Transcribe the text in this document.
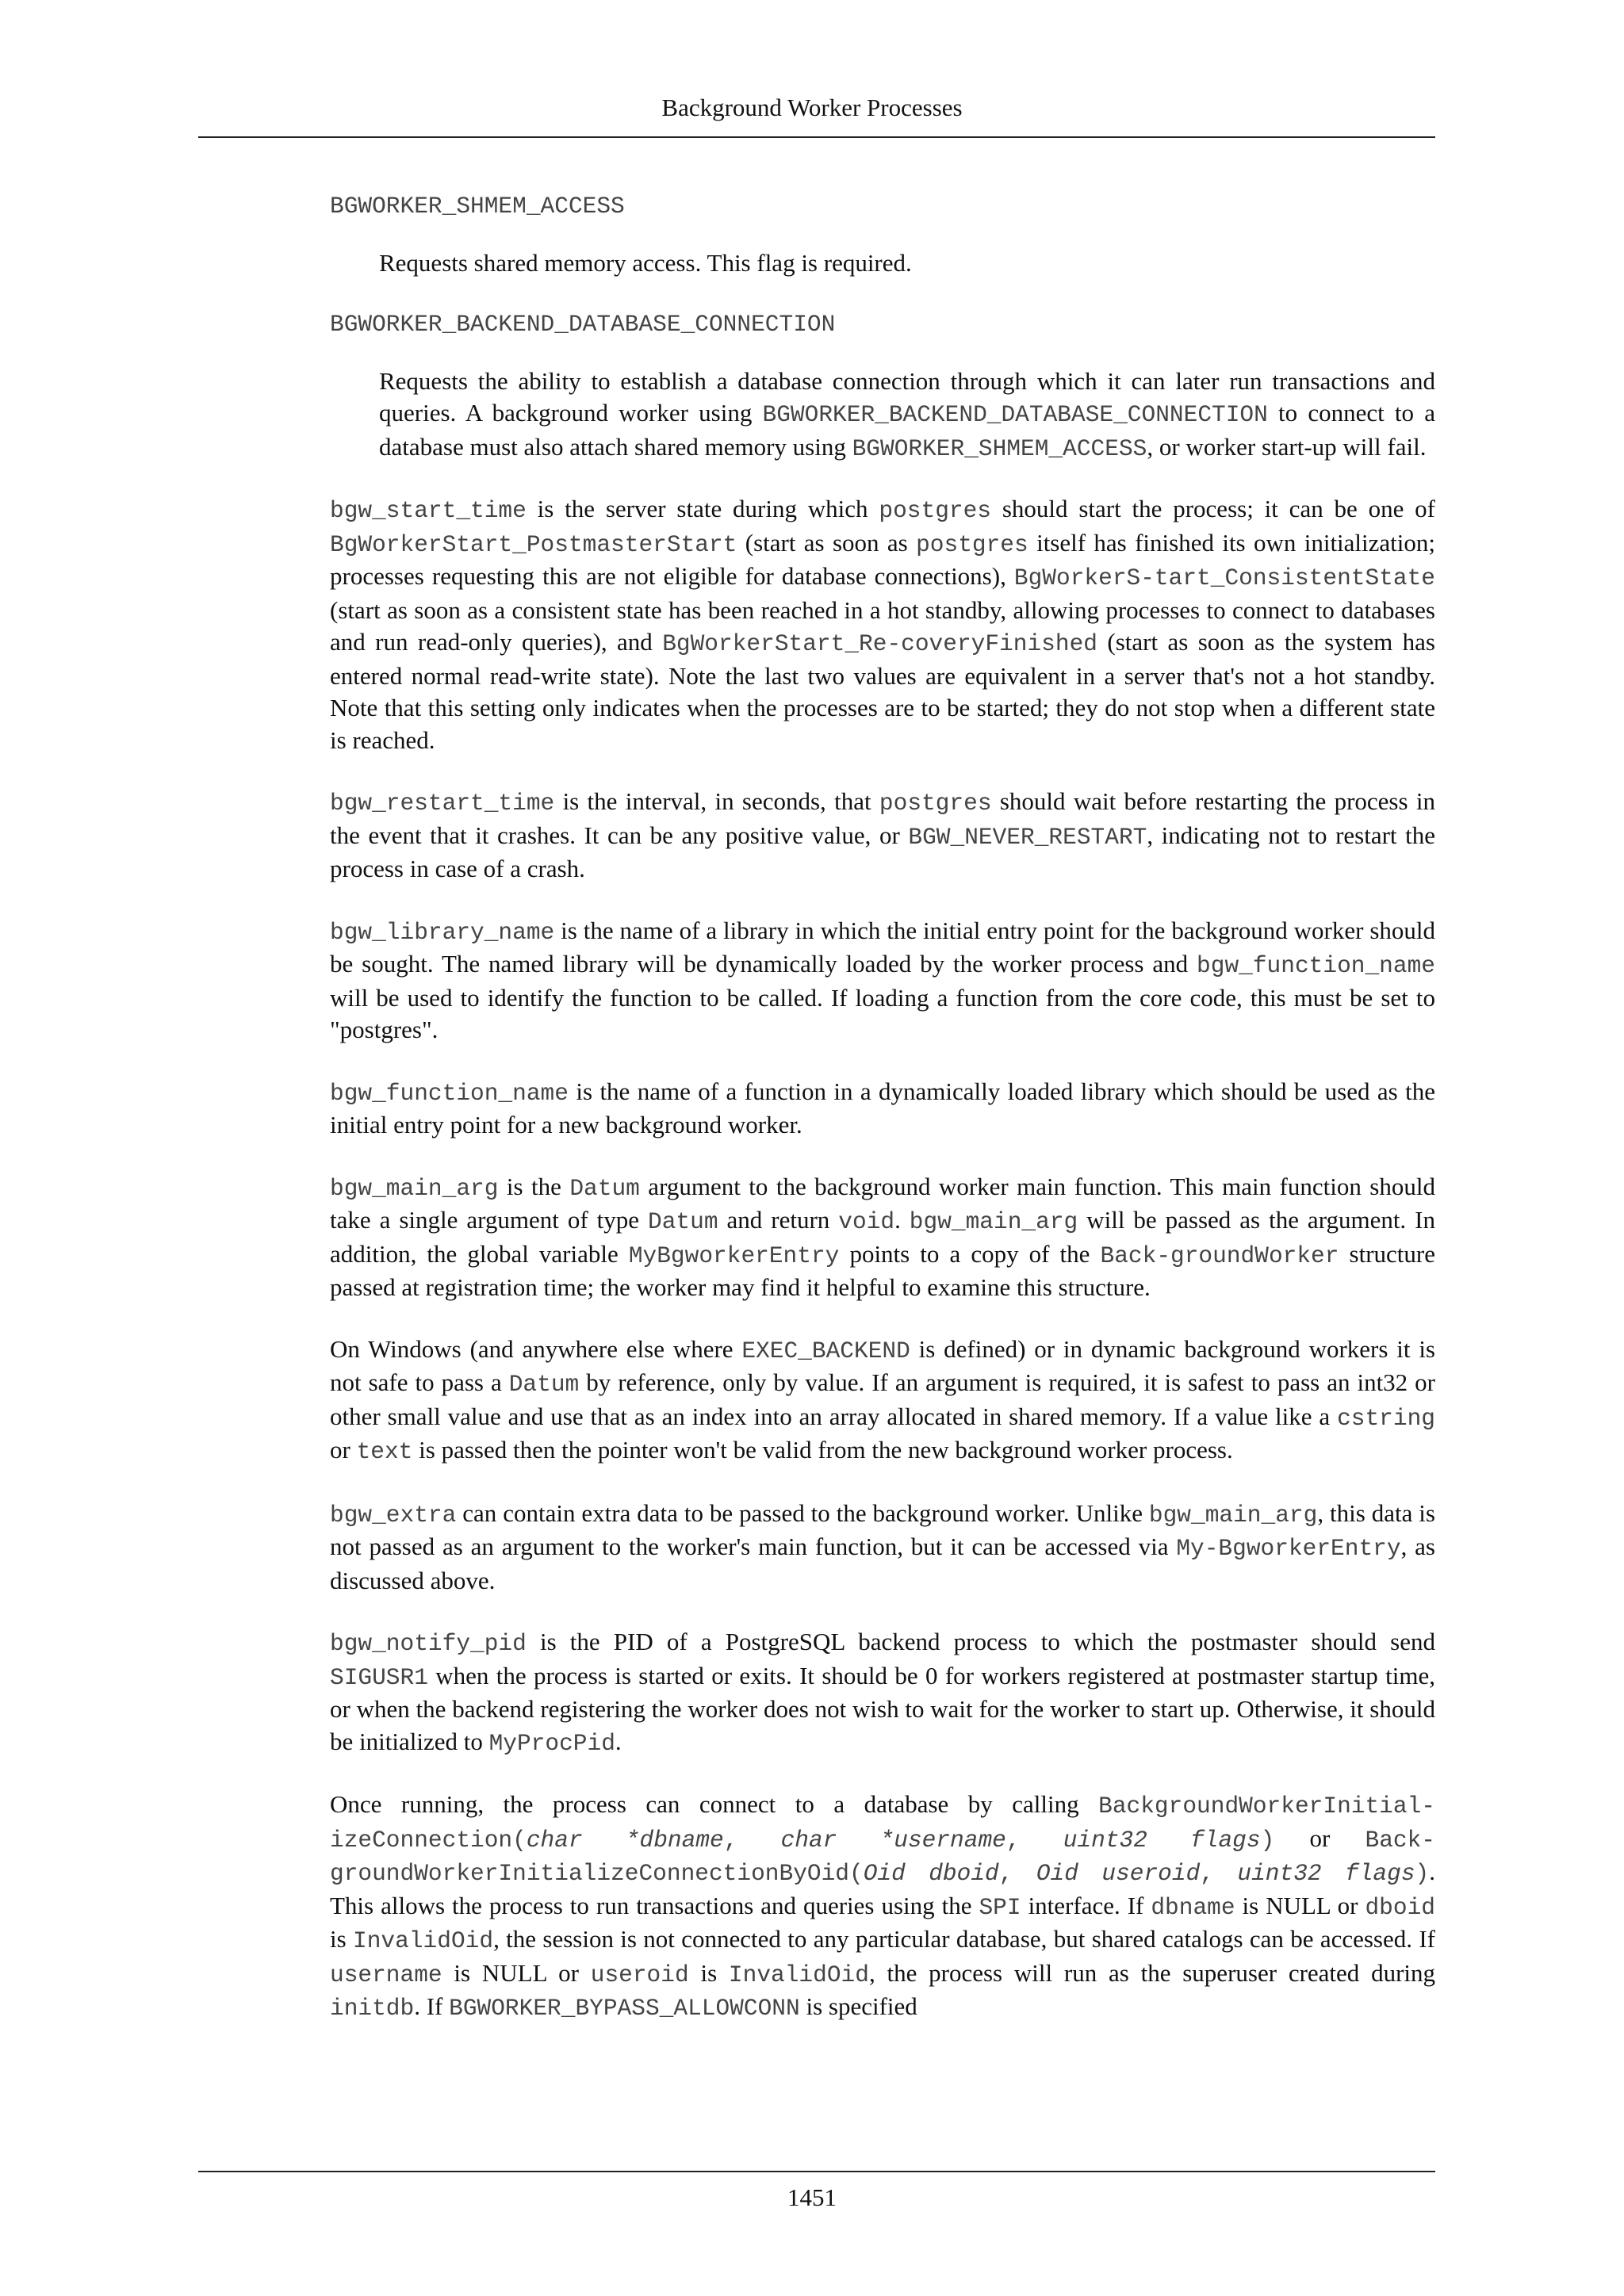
Background Worker Processes

BGWORKER_SHMEM_ACCESS

Requests shared memory access. This flag is required.

BGWORKER_BACKEND_DATABASE_CONNECTION

Requests the ability to establish a database connection through which it can later run transactions and queries. A background worker using BGWORKER_BACKEND_DATABASE_CONNECTION to connect to a database must also attach shared memory using BGWORKER_SHMEM_ACCESS, or worker start-up will fail.

bgw_start_time is the server state during which postgres should start the process; it can be one of BgWorkerStart_PostmasterStart (start as soon as postgres itself has finished its own initialization; processes requesting this are not eligible for database connections), BgWorkerS-tart_ConsistentState (start as soon as a consistent state has been reached in a hot standby, allowing processes to connect to databases and run read-only queries), and BgWorkerStart_Re-coveryFinished (start as soon as the system has entered normal read-write state). Note the last two values are equivalent in a server that's not a hot standby. Note that this setting only indicates when the processes are to be started; they do not stop when a different state is reached.

bgw_restart_time is the interval, in seconds, that postgres should wait before restarting the process in the event that it crashes. It can be any positive value, or BGW_NEVER_RESTART, indicating not to restart the process in case of a crash.

bgw_library_name is the name of a library in which the initial entry point for the background worker should be sought. The named library will be dynamically loaded by the worker process and bgw_function_name will be used to identify the function to be called. If loading a function from the core code, this must be set to "postgres".

bgw_function_name is the name of a function in a dynamically loaded library which should be used as the initial entry point for a new background worker.

bgw_main_arg is the Datum argument to the background worker main function. This main function should take a single argument of type Datum and return void. bgw_main_arg will be passed as the argument. In addition, the global variable MyBgworkerEntry points to a copy of the Back-groundWorker structure passed at registration time; the worker may find it helpful to examine this structure.

On Windows (and anywhere else where EXEC_BACKEND is defined) or in dynamic background workers it is not safe to pass a Datum by reference, only by value. If an argument is required, it is safest to pass an int32 or other small value and use that as an index into an array allocated in shared memory. If a value like a cstring or text is passed then the pointer won't be valid from the new background worker process.

bgw_extra can contain extra data to be passed to the background worker. Unlike bgw_main_arg, this data is not passed as an argument to the worker's main function, but it can be accessed via My-BgworkerEntry, as discussed above.

bgw_notify_pid is the PID of a PostgreSQL backend process to which the postmaster should send SIGUSR1 when the process is started or exits. It should be 0 for workers registered at postmaster startup time, or when the backend registering the worker does not wish to wait for the worker to start up. Otherwise, it should be initialized to MyProcPid.

Once running, the process can connect to a database by calling BackgroundWorkerInitial-izeConnection(char *dbname, char *username, uint32 flags) or Back-groundWorkerInitializeConnectionByOid(Oid dboid, Oid useroid, uint32 flags). This allows the process to run transactions and queries using the SPI interface. If dbname is NULL or dboid is InvalidOid, the session is not connected to any particular database, but shared catalogs can be accessed. If username is NULL or useroid is InvalidOid, the process will run as the superuser created during initdb. If BGWORKER_BYPASS_ALLOWCONN is specified

1451
